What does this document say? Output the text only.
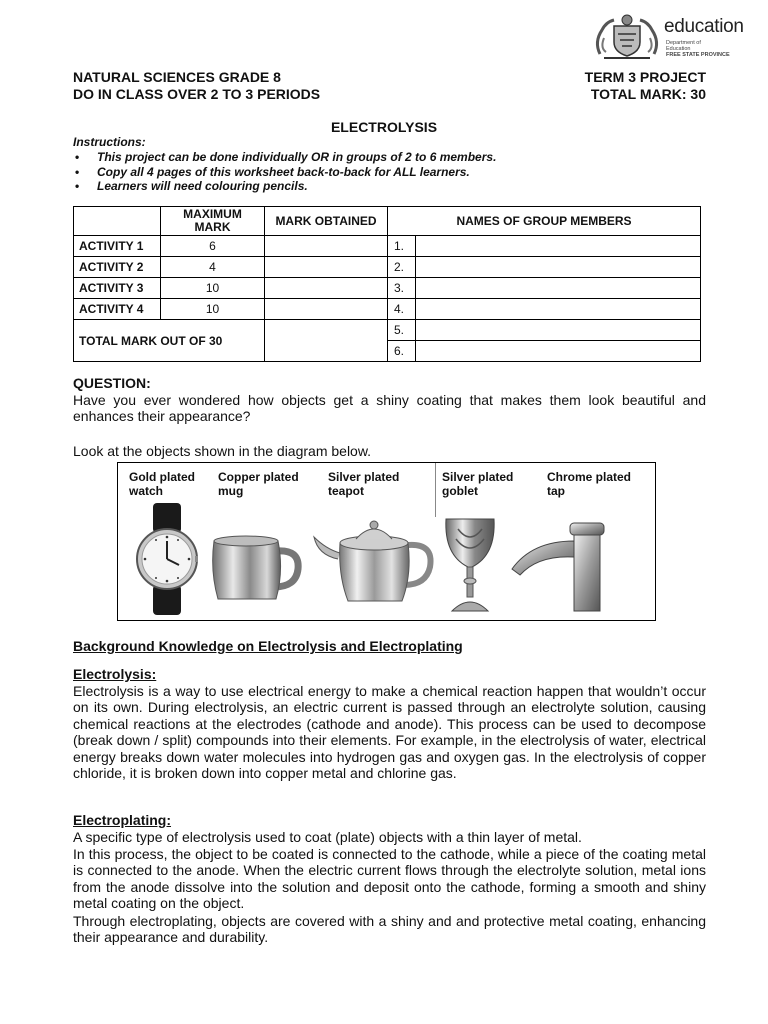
education
Department of
Education
FREE STATE PROVINCE
NATURAL SCIENCES GRADE 8
DO IN CLASS OVER 2 TO 3 PERIODS
TERM 3 PROJECT
TOTAL MARK: 30
ELECTROLYSIS
Instructions:
• This project can be done individually OR in groups of 2 to 6 members.
• Copy all 4 pages of this worksheet back-to-back for ALL learners.
• Learners will need colouring pencils.
	MAXIMUM MARK	MARK OBTAINED	NAMES OF GROUP MEMBERS	
ACTIVITY 1	6		1.	
ACTIVITY 2	4		2.	
ACTIVITY 3	10		3.	
ACTIVITY 4	10		4.	
TOTAL MARK OUT OF 30			5.	
			6.	
QUESTION:
Have you ever wondered how objects get a shiny coating that makes them look beautiful and enhances their appearance?
Look at the objects shown in the diagram below.
Gold plated
watch
Copper plated
mug
Silver plated
teapot
Silver plated
goblet
Chrome plated
tap
Background Knowledge on Electrolysis and Electroplating
Electrolysis:
Electrolysis is a way to use electrical energy to make a chemical reaction happen that wouldn’t occur on its own. During electrolysis, an electric current is passed through an electrolyte solution, causing chemical reactions at the electrodes (cathode and anode). This process can be used to decompose (break down / split) compounds into their elements. For example, in the electrolysis of water, electrical energy breaks down water molecules into hydrogen gas and oxygen gas. In the electrolysis of copper chloride, it is broken down into copper metal and chlorine gas.
Electroplating:
A specific type of electrolysis used to coat (plate) objects with a thin layer of metal.
In this process, the object to be coated is connected to the cathode, while a piece of the coating metal is connected to the anode. When the electric current flows through the electrolyte solution, metal ions from the anode dissolve into the solution and deposit onto the cathode, forming a smooth and shiny metal coating on the object.
Through electroplating, objects are covered with a shiny and and protective metal coating, enhancing their appearance and durability.
